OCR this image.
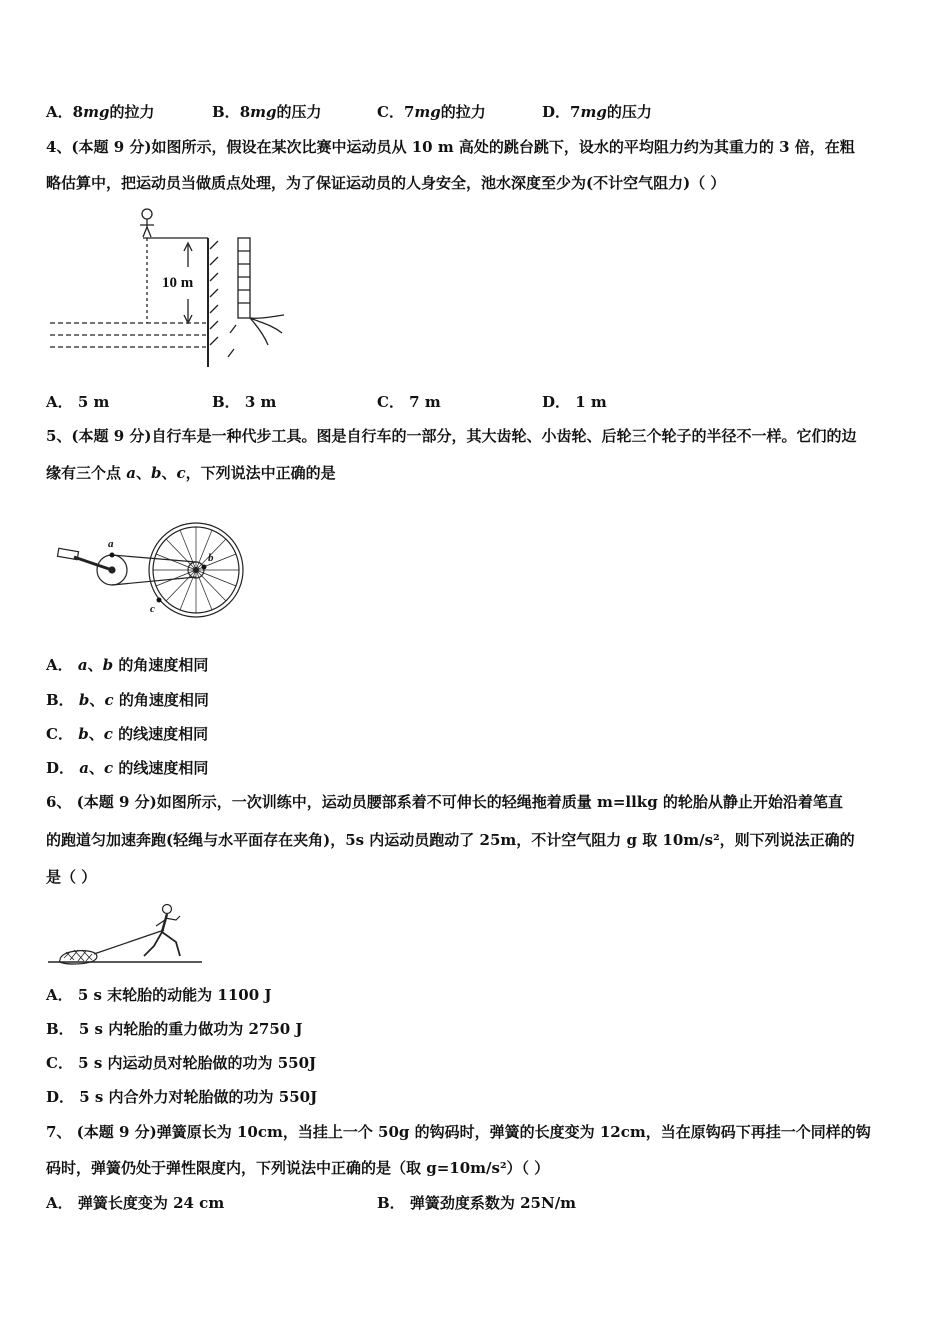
A．8mg的拉力	B．8mg的压力	C．7mg的拉力	D．7mg的压力
4、(本题 9 分)如图所示，假设在某次比赛中运动员从 10 m 高处的跳台跳下，设水的平均阻力约为其重力的 3 倍，在粗
略估算中，把运动员当做质点处理，为了保证运动员的人身安全，池水深度至少为(不计空气阻力)（ ）
10 m
A． 5 m	B． 3 m	C． 7 m	D． 1 m
5、(本题 9 分)自行车是一种代步工具。图是自行车的一部分，其大齿轮、小齿轮、后轮三个轮子的半径不一样。它们的边
缘有三个点 a、b、c，下列说法中正确的是
a
b
c
A． a、b 的角速度相同
B． b、c 的角速度相同
C． b、c 的线速度相同
D． a、c 的线速度相同
6、 (本题 9 分)如图所示，一次训练中，运动员腰部系着不可伸长的轻绳拖着质量 m=llkg 的轮胎从静止开始沿着笔直
的跑道匀加速奔跑(轻绳与水平面存在夹角)，5s 内运动员跑动了 25m，不计空气阻力 g 取 10m/s²，则下列说法正确的
是（ ）
A． 5 s 末轮胎的动能为 1100 J
B． 5 s 内轮胎的重力做功为 2750 J
C． 5 s 内运动员对轮胎做的功为 550J
D． 5 s 内合外力对轮胎做的功为 550J
7、 (本题 9 分)弹簧原长为 10cm，当挂上一个 50g 的钩码时，弹簧的长度变为 12cm，当在原钩码下再挂一个同样的钩
码时，弹簧仍处于弹性限度内，下列说法中正确的是（取 g=10m/s²）（ ）
A． 弹簧长度变为 24 cm	B． 弹簧劲度系数为 25N/m
